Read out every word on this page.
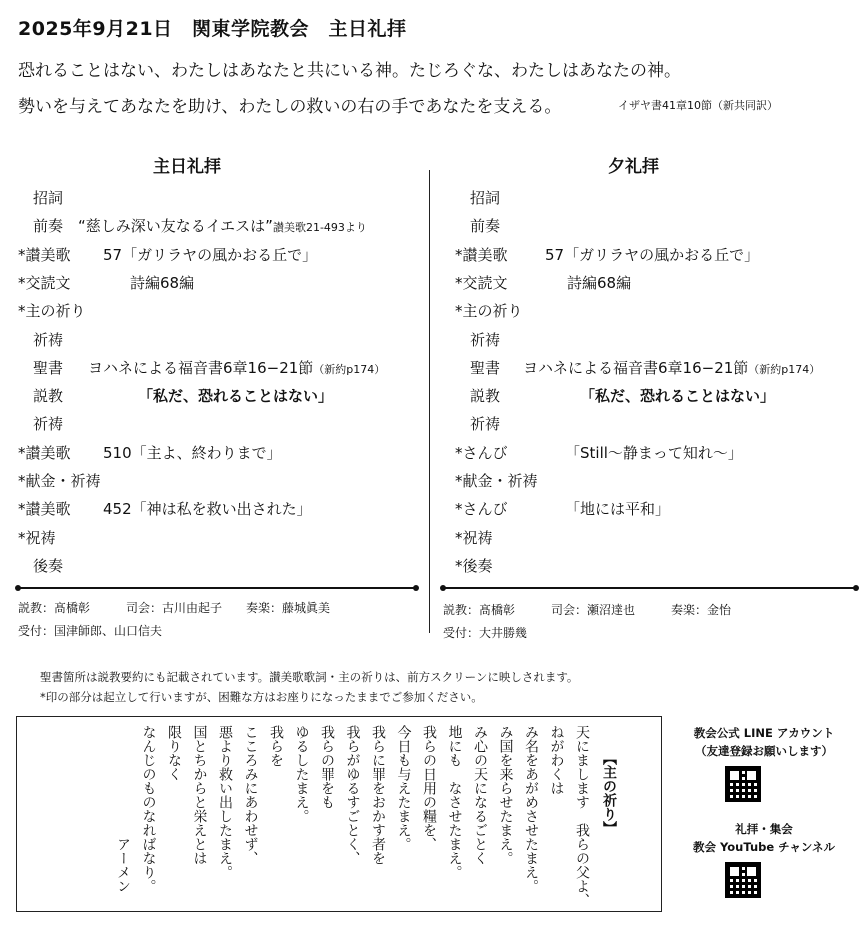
2025年9月21日　関東学院教会　主日礼拝
恐れることはない、わたしはあなたと共にいる神。たじろぐな、わたしはあなたの神。
勢いを与えてあなたを助け、わたしの救いの右の手であなたを支える。	イザヤ書41章10節（新共同訳）
主日礼拝	夕礼拝
　招詞
　前奏 “慈しみ深い友なるイエスは”讃美歌21-493より
*讃美歌 57「ガリラヤの風かおる丘で」
*交読文	詩編68編
*主の祈り
　祈祷
　聖書 ヨハネによる福音書6章16−21節（新約p174）
　説教	「私だ、恐れることはない」
　祈祷
*讃美歌 510「主よ、終わりまで」
*献金・祈祷
*讃美歌 452「神は私を救い出された」
*祝祷
　後奏
　招詞
　前奏
*讃美歌 57「ガリラヤの風かおる丘で」
*交読文	詩編68編
*主の祈り
　祈祷
　聖書 ヨハネによる福音書6章16−21節（新約p174）
　説教	「私だ、恐れることはない」
　祈祷
*さんび	「Still〜静まって知れ〜」
*献金・祈祷
*さんび	「地には平和」
*祝祷
*後奏
説教：髙橋彰　　　司会：古川由起子　　奏楽：藤城眞美
受付：国津師郎、山口信夫
説教：髙橋彰　　　司会：瀬沼達也　　　奏楽：金怡
受付：大井勝幾
聖書箇所は説教要約にも記載されています。讃美歌歌詞・主の祈りは、前方スクリーンに映しされます。
*印の部分は起立して行いますが、困難な方はお座りになったままでご参加ください。
【主の祈り】
天にまします　我らの父よ、
ねがわくは
み名をあがめさせたまえ。
み国を来らせたまえ。
み心の天になるごとく
地にも　なさせたまえ。
我らの日用の糧を、
今日も与えたまえ。
我らに罪をおかす者を
我らがゆるすごとく、
我らの罪をも
ゆるしたまえ。
我らを
こころみにあわせず、
悪より救い出したまえ。
国とちからと栄えとは
限りなく
なんじのものなればなり。
アーメン
教会公式 LINE アカウント
（友達登録お願いします）
礼拝・集会
教会 YouTube チャンネル
